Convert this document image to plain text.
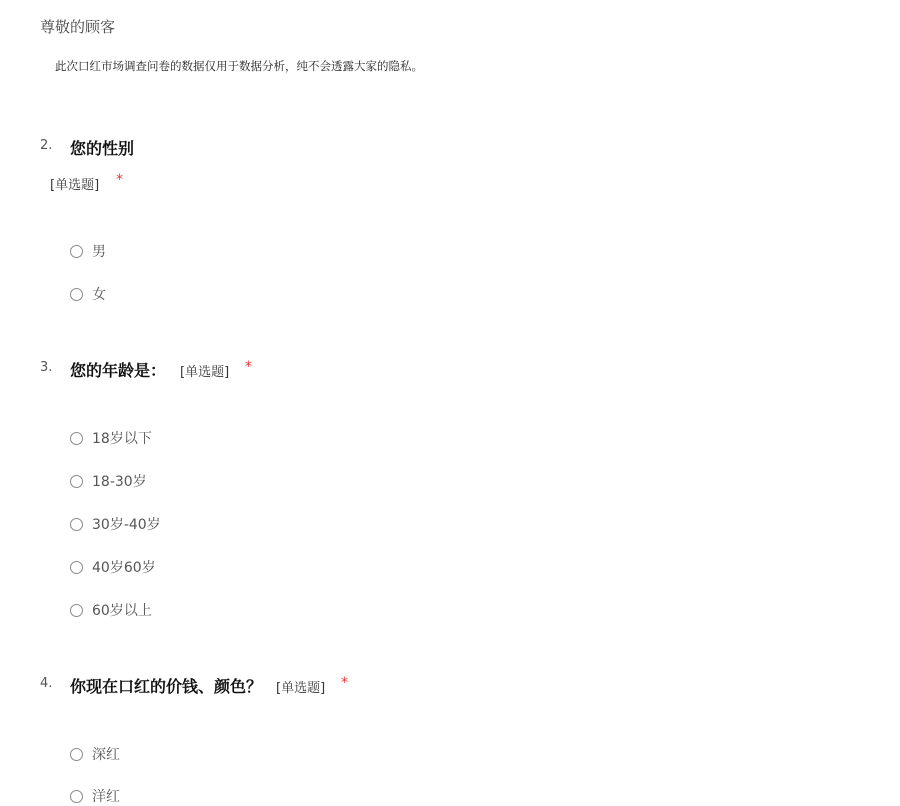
尊敬的顾客
此次口红市场调查问卷的数据仅用于数据分析，纯不会透露大家的隐私。
2. 您的性别
[单选题] *
男
女
3. 您的年龄是： [单选题] *
18岁以下
18-30岁
30岁-40岁
40岁60岁
60岁以上
4. 你现在口红的价钱、颜色？ [单选题] *
深红
洋红
